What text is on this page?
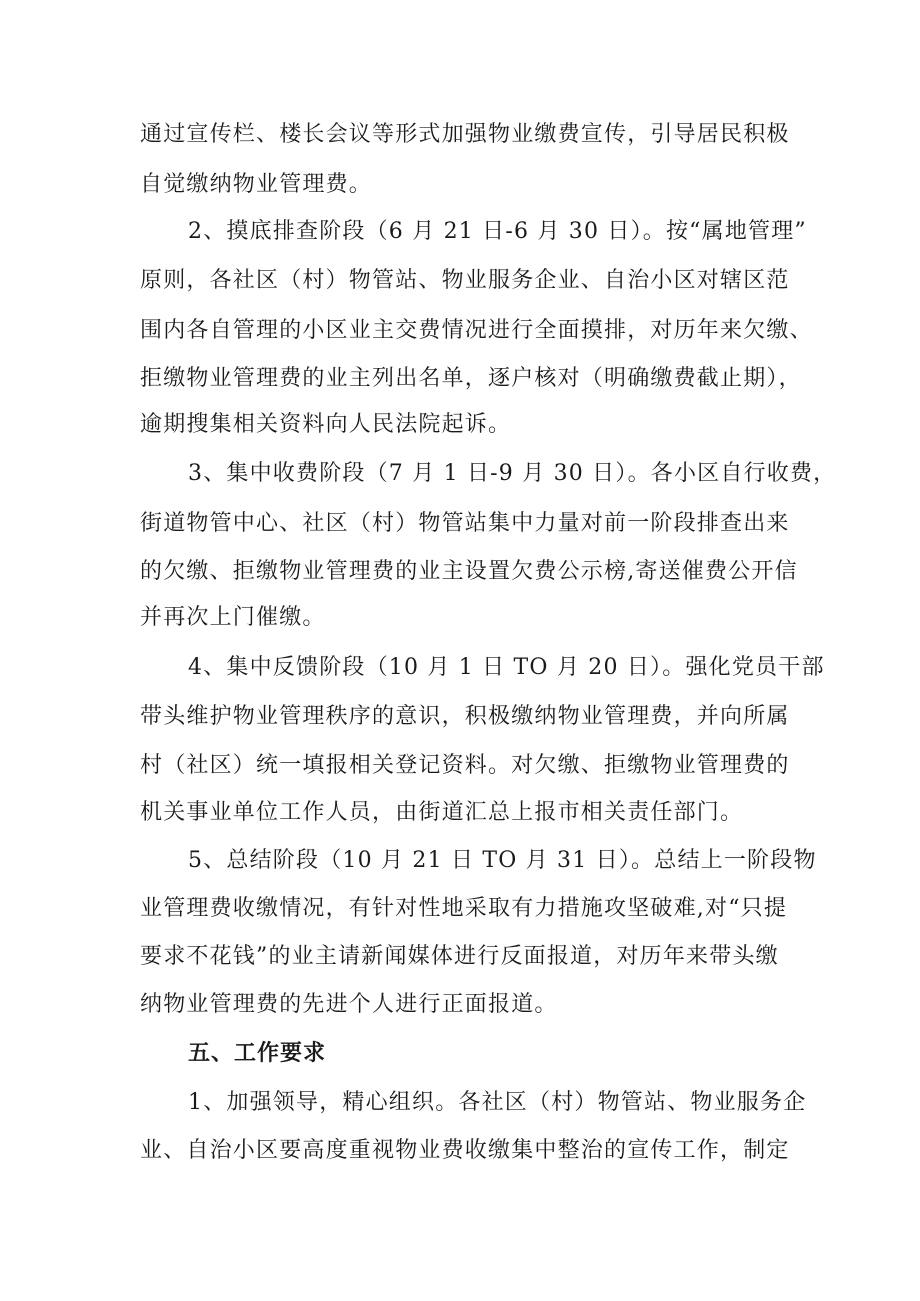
通过宣传栏、楼长会议等形式加强物业缴费宣传，引导居民积极

自觉缴纳物业管理费。

2、摸底排查阶段（6 月 21 日-6 月 30 日）。按“属地管理”

原则，各社区（村）物管站、物业服务企业、自治小区对辖区范

围内各自管理的小区业主交费情况进行全面摸排，对历年来欠缴、

拒缴物业管理费的业主列出名单，逐户核对（明确缴费截止期），

逾期搜集相关资料向人民法院起诉。

3、集中收费阶段（7 月 1 日-9 月 30 日）。各小区自行收费，

街道物管中心、社区（村）物管站集中力量对前一阶段排查出来

的欠缴、拒缴物业管理费的业主设置欠费公示榜,寄送催费公开信

并再次上门催缴。

4、集中反馈阶段（10 月 1 日 TO 月 20 日）。强化党员干部

带头维护物业管理秩序的意识，积极缴纳物业管理费，并向所属

村（社区）统一填报相关登记资料。对欠缴、拒缴物业管理费的

机关事业单位工作人员，由街道汇总上报市相关责任部门。

5、总结阶段（10 月 21 日 TO 月 31 日）。总结上一阶段物

业管理费收缴情况，有针对性地采取有力措施攻坚破难,对“只提

要求不花钱”的业主请新闻媒体进行反面报道，对历年来带头缴

纳物业管理费的先进个人进行正面报道。

五、工作要求

1、加强领导，精心组织。各社区（村）物管站、物业服务企

业、自治小区要高度重视物业费收缴集中整治的宣传工作，制定
